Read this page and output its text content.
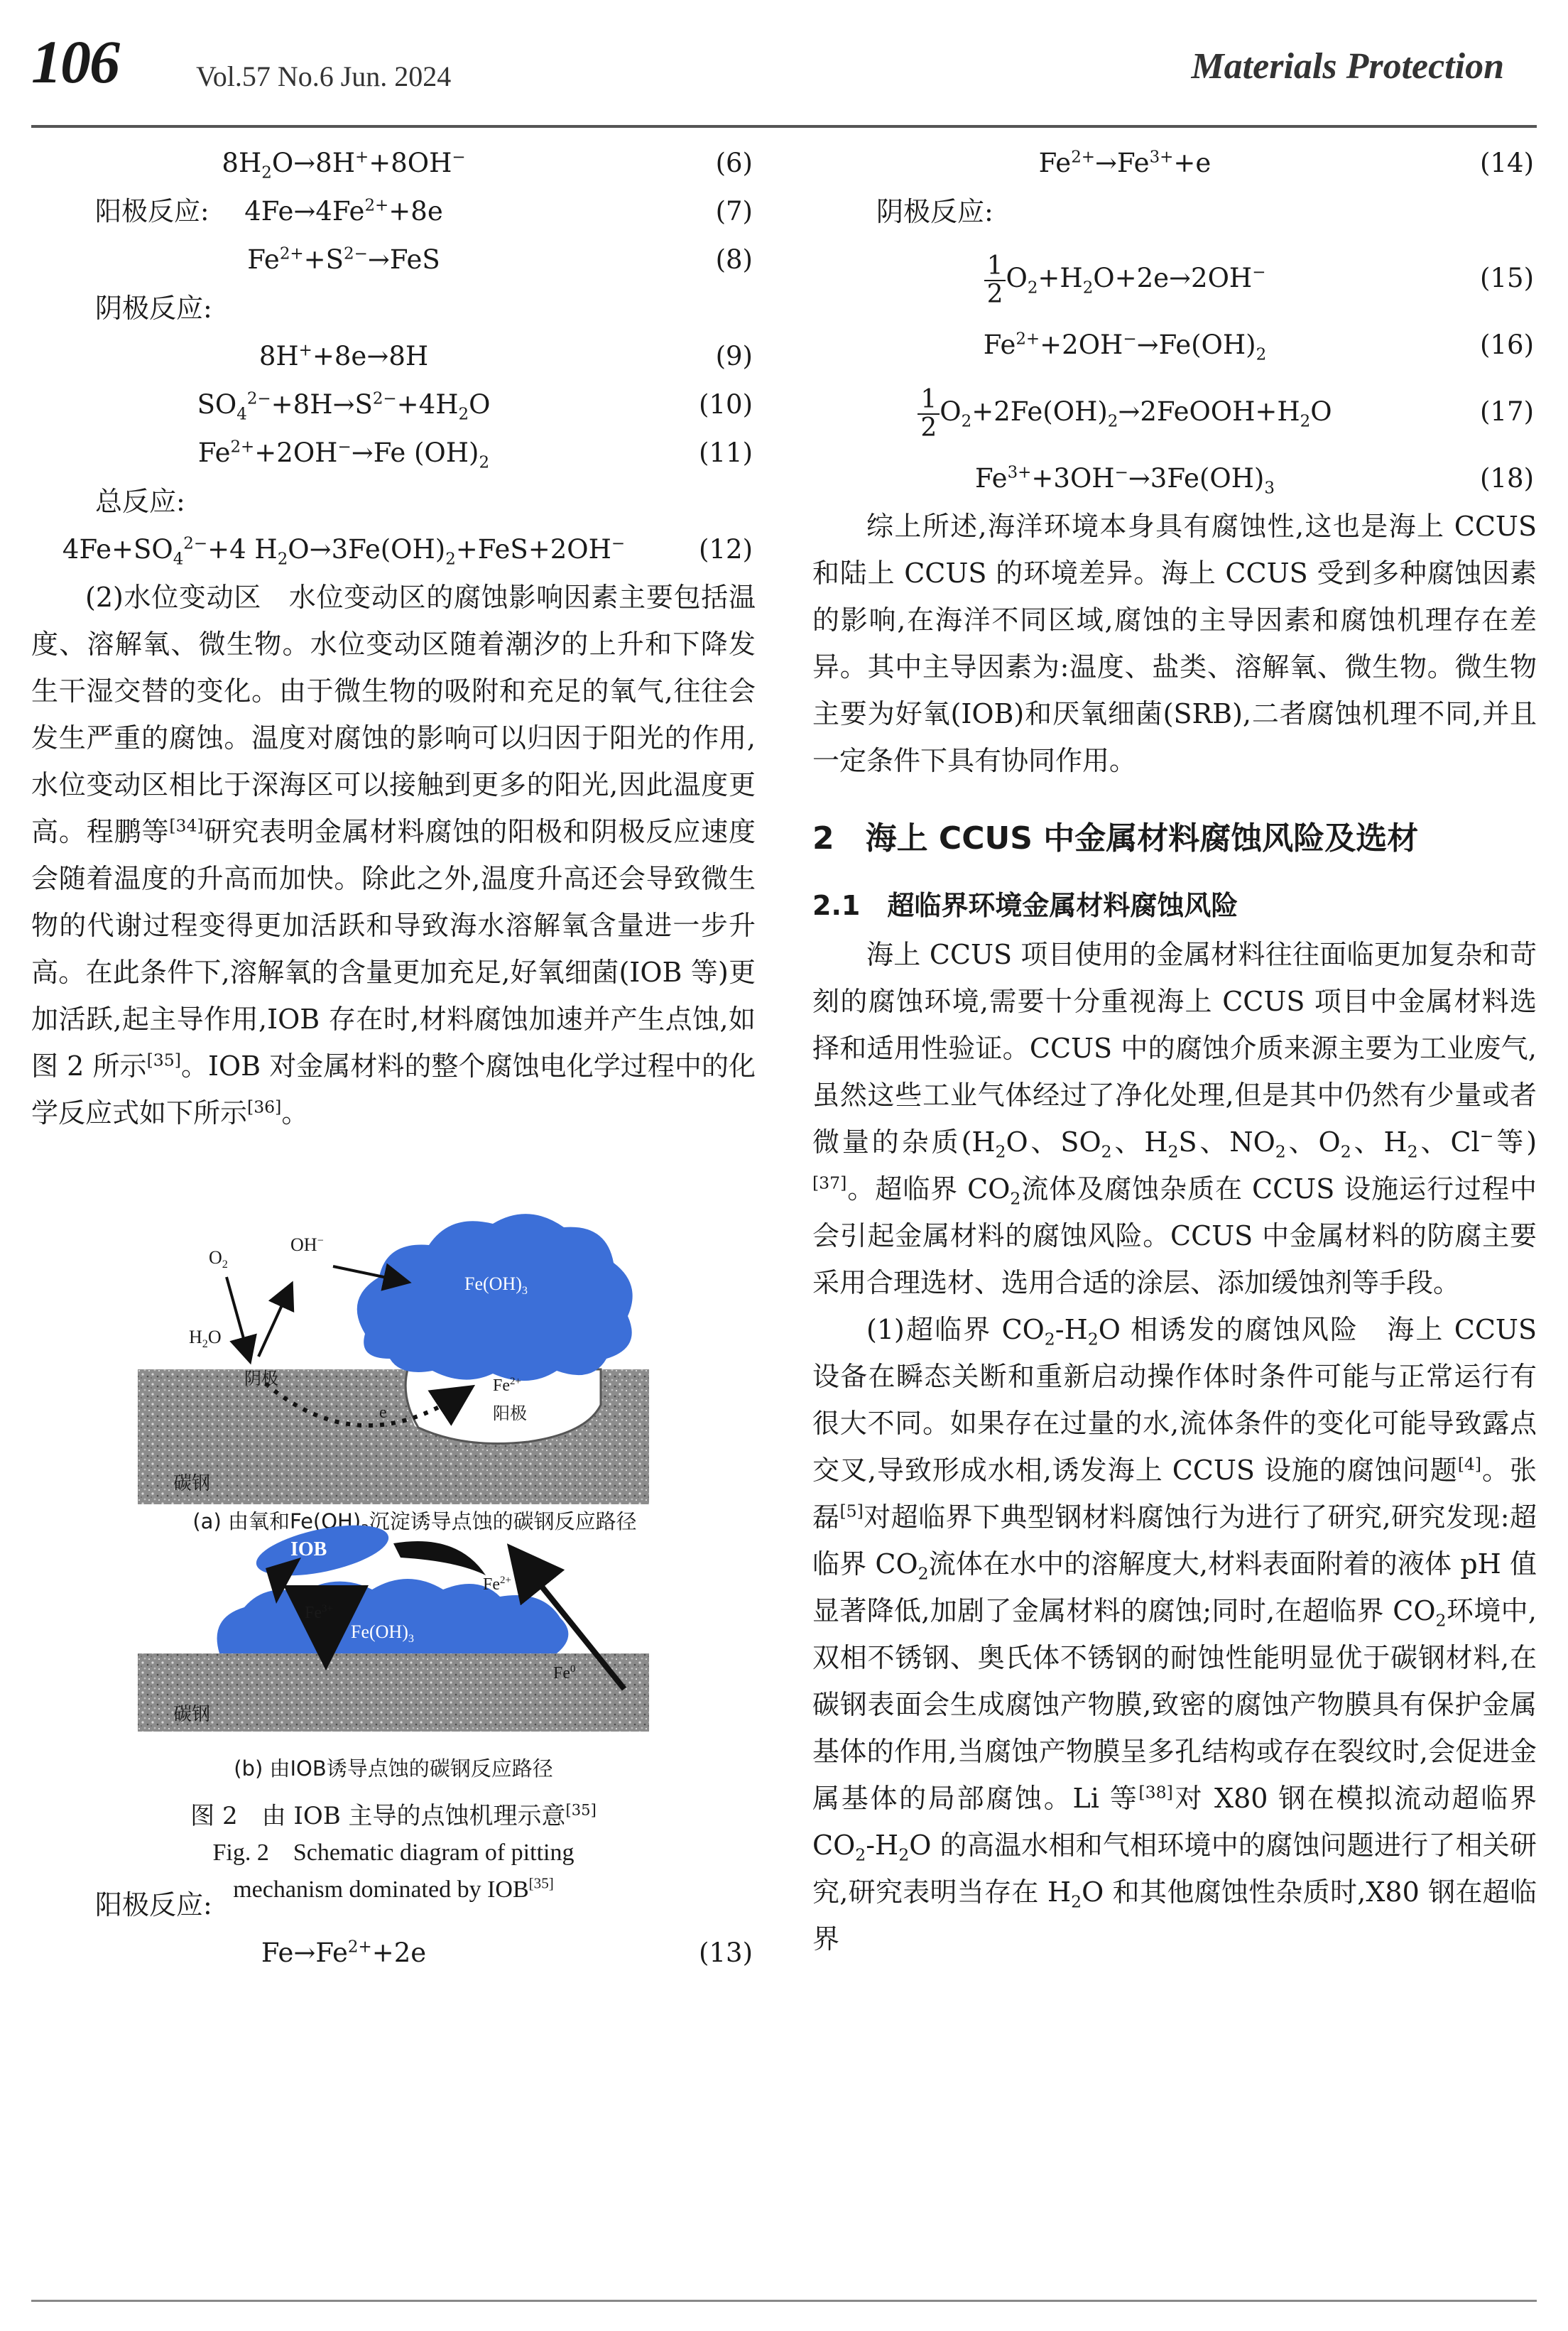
106	Vol.57 No.6 Jun. 2024	Materials Protection
$8H_2O\to 8H^++8OH^-$	(6)
阳极反应:	$4Fe\to 4Fe^{2+}+8e$	(7)
$Fe^{2+}+S^{2-}\to FeS$	(8)
阴极反应:
8H++8e→8H	(9)
$SO_4^{2-}+8H\to S^{2-}+4H_2O$	(10)
$Fe^{2+}+2OH^-\to Fe$ $(OH)_2$	(11)
总反应:
$4Fe+SO_4^{2-}+4$ $H_2O\to 3Fe(OH)_2+FeS+2OH^-$	(12)

(2)水位变动区　水位变动区的腐蚀影响因素主要包括温度、溶解氧、微生物。水位变动区随着潮汐的上升和下降发生干湿交替的变化。由于微生物的吸附和充足的氧气,往往会发生严重的腐蚀。温度对腐蚀的影响可以归因于阳光的作用,水位变动区相比于深海区可以接触到更多的阳光,因此温度更高。程鹏等[34]研究表明金属材料腐蚀的阳极和阴极反应速度会随着温度的升高而加快。除此之外,温度升高还会导致微生物的代谢过程变得更加活跃和导致海水溶解氧含量进一步升高。在此条件下,溶解氧的含量更加充足,好氧细菌(IOB 等)更加活跃,起主导作用,IOB 存在时,材料腐蚀加速并产生点蚀,如图 2 所示[35]。IOB 对金属材料的整个腐蚀电化学过程中的化学反应式如下所示[36]。

$O_2$
OH−
$H_2O$
阴极
$Fe(OH)_3$
$Fe^{2+}$
阳极
e
碳钢
(a) 由氧和Fe(OH) 沉淀诱导点蚀的碳钢反应路径
IOB
$Fe^{2+}$
$Fe^{3+}$
$Fe(OH)_3$
Fe$^0$
碳钢
(b) 由IOB诱导点蚀的碳钢反应路径
图 2　由 IOB 主导的点蚀机理示意[35]
Fig. 2　Schematic diagram of pitting
mechanism dominated by IOB[35]
阳极反应:
$Fe\to Fe^{2+}+2e$	(13)
$Fe^{2+}\to Fe^{3+}+e$	(14)
阴极反应:
$\frac{1}{2} O_2+H_2O+2e\to 2OH^-$	(15)
$Fe^{2+}+2OH^-\to Fe(OH)_2$	(16)
$\frac{1}{2}$ $O_2+2Fe(OH)_2\to 2FeOOH+H_2O$	(17)
$Fe^{3+}+3OH^-\to 3Fe(OH)_3$	(18)

综上所述,海洋环境本身具有腐蚀性,这也是海上 CCUS 和陆上 CCUS 的环境差异。海上 CCUS 受到多种腐蚀因素的影响,在海洋不同区域,腐蚀的主导因素和腐蚀机理存在差异。其中主导因素为:温度、盐类、溶解氧、微生物。微生物主要为好氧(IOB)和厌氧细菌(SRB),二者腐蚀机理不同,并且一定条件下具有协同作用。

2　海上 CCUS 中金属材料腐蚀风险及选材
2.1　超临界环境金属材料腐蚀风险

海上 CCUS 项目使用的金属材料往往面临更加复杂和苛刻的腐蚀环境,需要十分重视海上 CCUS 项目中金属材料选择和适用性验证。CCUS 中的腐蚀介质来源主要为工业废气,虽然这些工业气体经过了净化处理,但是其中仍然有少量或者微量的杂质($H_2O$、$SO_2$、$H_2S$、$NO_2$、$O_2$、$H_2$、Cl−等)[37]。超临界 $CO_2$流体及腐蚀杂质在 CCUS 设施运行过程中会引起金属材料的腐蚀风险。CCUS 中金属材料的防腐主要采用合理选材、选用合适的涂层、添加缓蚀剂等手段。

(1)超临界 $CO_2-H_2O$ 相诱发的腐蚀风险　海上 CCUS 设备在瞬态关断和重新启动操作体时条件可能与正常运行有很大不同。如果存在过量的水,流体条件的变化可能导致露点交叉,导致形成水相,诱发海上 CCUS 设施的腐蚀问题[4]。张磊[5]对超临界下典型钢材料腐蚀行为进行了研究,研究发现:超临界 $CO_2$流体在水中的溶解度大,材料表面附着的液体 pH 值显著降低,加剧了金属材料的腐蚀;同时,在超临界 $CO_2$环境中,双相不锈钢、奥氏体不锈钢的耐蚀性能明显优于碳钢材料,在碳钢表面会生成腐蚀产物膜,致密的腐蚀产物膜具有保护金属基体的作用,当腐蚀产物膜呈多孔结构或存在裂纹时,会促进金属基体的局部腐蚀。Li 等[38]对 X80 钢在模拟流动超临界 $CO_2-H_2O$ 的高温水相和气相环境中的腐蚀问题进行了相关研究,研究表明当存在 $H_2O$ 和其他腐蚀性杂质时,X80 钢在超临界
